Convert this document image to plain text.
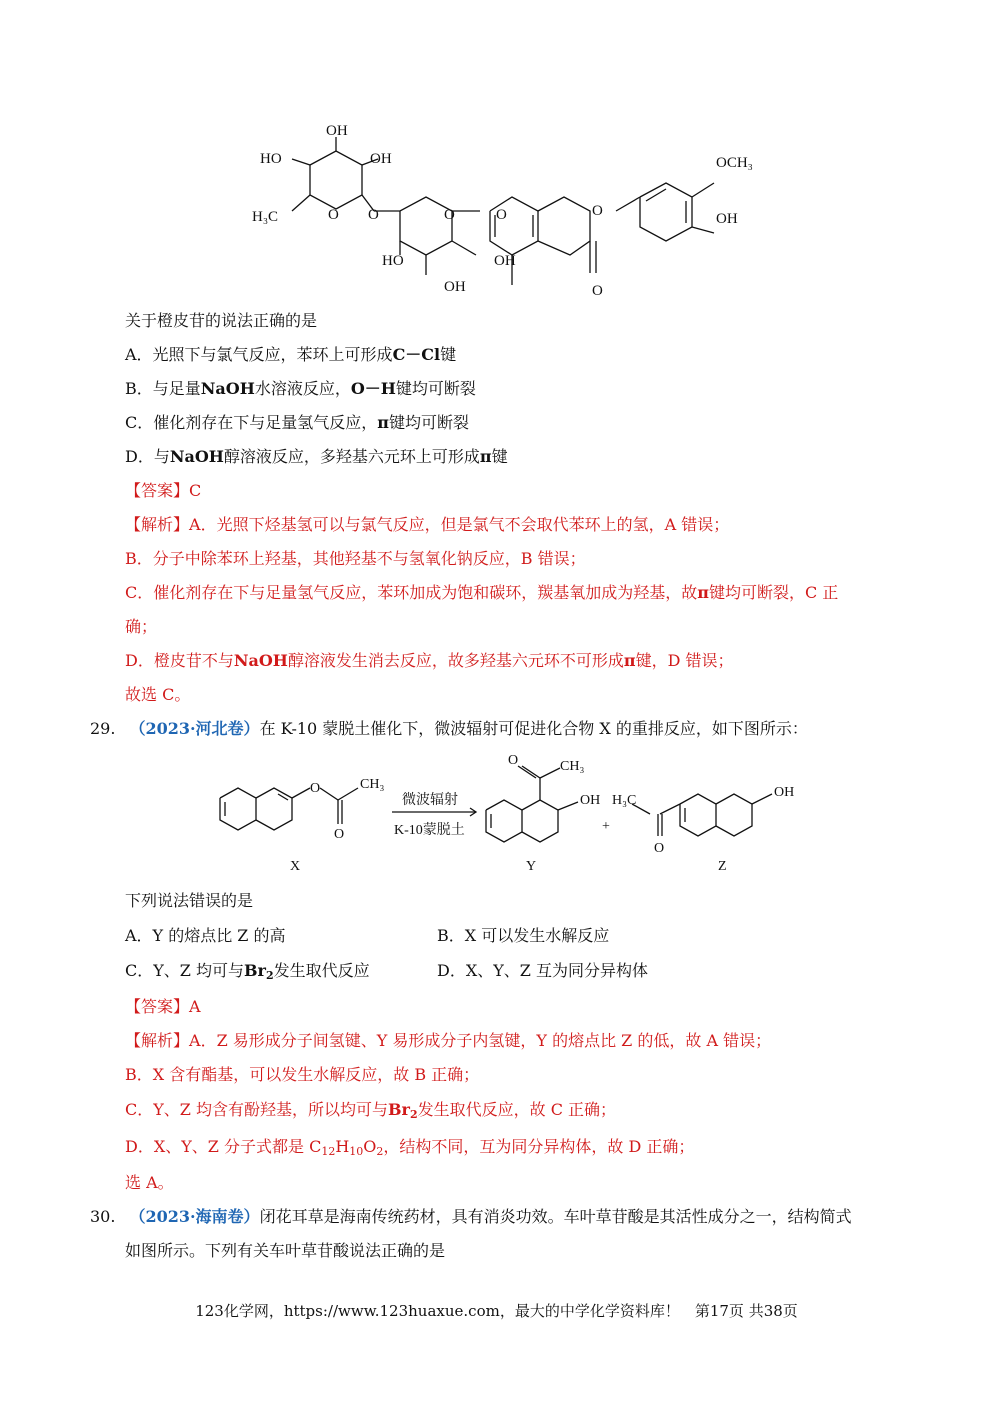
OH
HO	OH
H₃C	O O	O
HO	OH
OH
O
O
OCH₃
OH
O
关于橙皮苷的说法正确的是
A．光照下与氯气反应，苯环上可形成C－Cl键
B．与足量NaOH水溶液反应，O－H键均可断裂
C．催化剂存在下与足量氢气反应，π键均可断裂
D．与NaOH醇溶液反应，多羟基六元环上可形成π键
【答案】C
【解析】A．光照下烃基氢可以与氯气反应，但是氯气不会取代苯环上的氢，A 错误；
B．分子中除苯环上羟基，其他羟基不与氢氧化钠反应，B 错误；
C．催化剂存在下与足量氢气反应，苯环加成为饱和碳环，羰基氧加成为羟基，故π键均可断裂，C 正
确；
D．橙皮苷不与NaOH醇溶液发生消去反应，故多羟基六元环不可形成π键，D 错误；
故选 C。
29. （2023·河北卷）在 K-10 蒙脱土催化下，微波辐射可促进化合物 X 的重排反应，如下图所示：
O	CH₃
O
微波辐射
K-10蒙脱土
O	CH₃
OH
+
H₃C
O
OH
X	Y	Z
下列说法错误的是
A．Y 的熔点比 Z 的高	B．X 可以发生水解反应
C．Y、Z 均可与$Br_2$发生取代反应	D．X、Y、Z 互为同分异构体
【答案】A
【解析】A．Z 易形成分子间氢键、Y 易形成分子内氢键，Y 的熔点比 Z 的低，故 A 错误；
B．X 含有酯基，可以发生水解反应，故 B 正确；
C．Y、Z 均含有酚羟基，所以均可与$Br_2$发生取代反应，故 C 正确；
D．X、Y、Z 分子式都是 $C_{12}H_{10}O_2$，结构不同，互为同分异构体，故 D 正确；
选 A。
30. （2023·海南卷）闭花耳草是海南传统药材，具有消炎功效。车叶草苷酸是其活性成分之一，结构简式
如图所示。下列有关车叶草苷酸说法正确的是
123化学网，https://www.123huaxue.com，最大的中学化学资料库！　第17页 共38页
